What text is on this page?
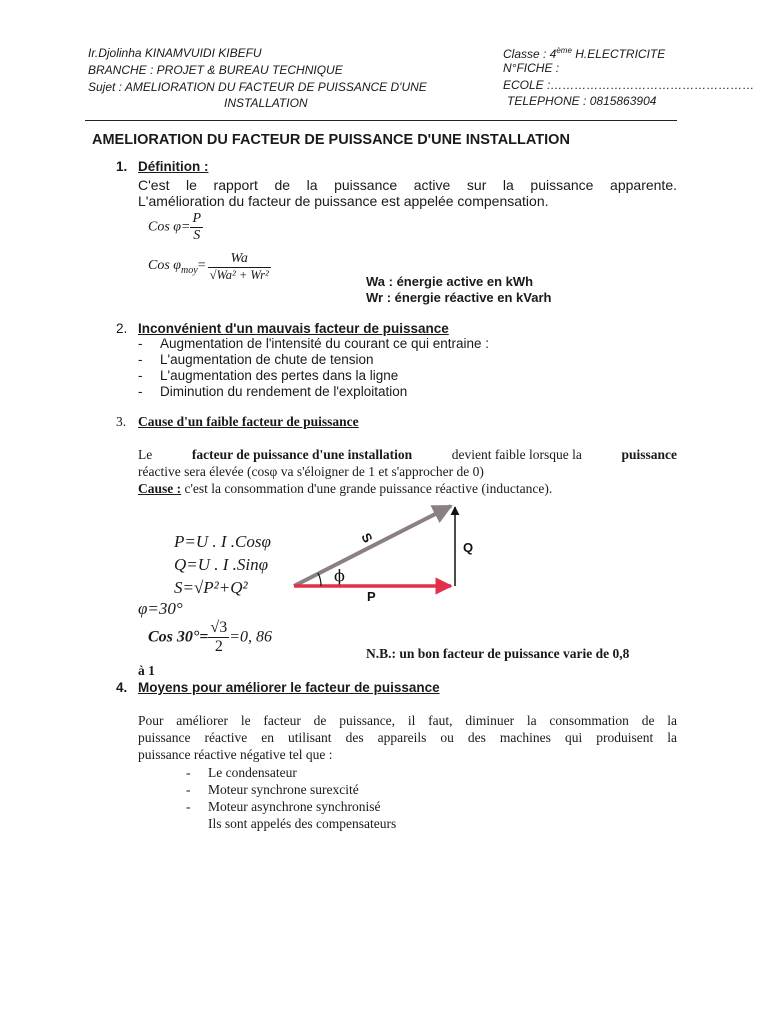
Ir.Djolinha KINAMVUIDI KIBEFU
BRANCHE : PROJET & BUREAU TECHNIQUE
Sujet : AMELIORATION DU FACTEUR DE PUISSANCE D'UNE
INSTALLATION
Classe : 4ème H.ELECTRICITE
N°FICHE :
ECOLE :……………………………………………
TELEPHONE : 0815863904
AMELIORATION DU FACTEUR DE PUISSANCE D'UNE INSTALLATION
1. Définition :
C'est le rapport de la puissance active sur la puissance apparente.
L'amélioration du facteur de puissance est appelée compensation.
Cos $\varphi= \frac{P}{S}$
Cos $\varphi_{moy}= \frac{Wa}{\text{√Wa² + Wr²}}$	Wa : énergie active en kWh
Wr : énergie réactive en kVarh
2. Inconvénient d'un mauvais facteur de puissance
- Augmentation de l'intensité du courant ce qui entraine :
- L'augmentation de chute de tension
- L'augmentation des pertes dans la ligne
- Diminution du rendement de l'exploitation
3. Cause d'un faible facteur de puissance
Le	facteur de puissance d'une installation	devient faible lorsque la	puissance
réactive sera élevée (cosφ va s'éloigner de 1 et s'approcher de 0)
Cause : c'est la consommation d'une grande puissance réactive (inductance).
P=U . I .Cosφ
Q=U . I .Sinφ
S=√P²+Q²
φ=30°
Cos $30^\circ= \frac{√3}{2} =0$, 86
ϕ
S
Q
P
N.B.: un bon facteur de puissance varie de 0,8
à 1
4. Moyens pour améliorer le facteur de puissance
Pour améliorer le facteur de puissance, il faut, diminuer la consommation de la
puissance réactive en utilisant des appareils ou des machines qui produisent la
puissance réactive négative tel que :
- Le condensateur
- Moteur synchrone surexcité
- Moteur asynchrone synchronisé
Ils sont appelés des compensateurs
